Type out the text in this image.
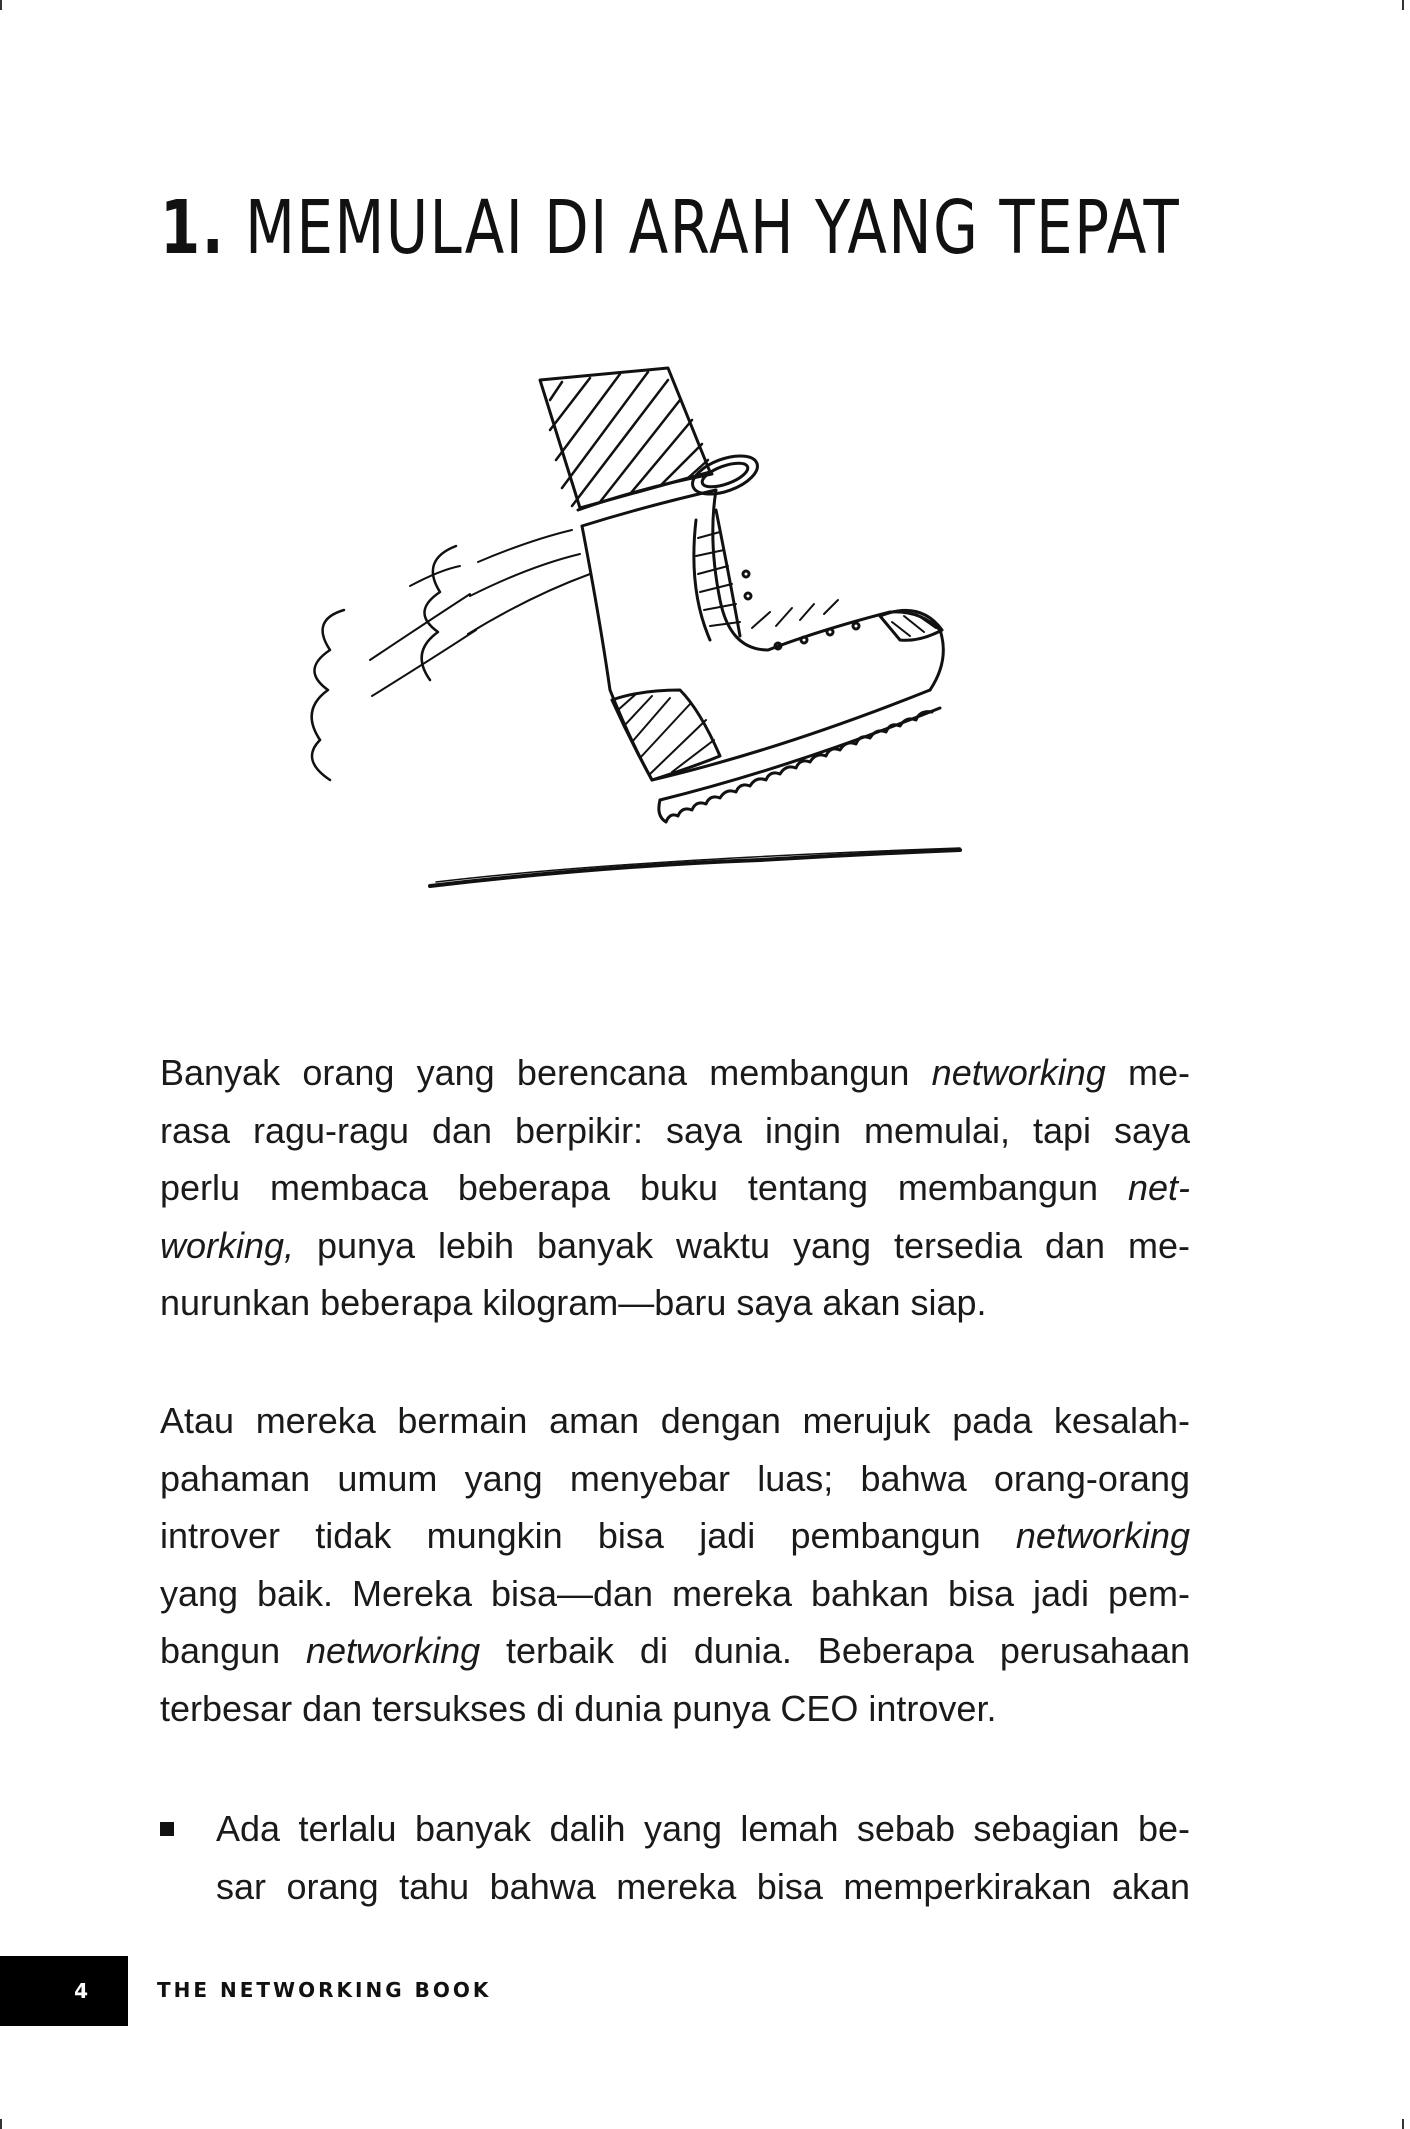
1. MEMULAI DI ARAH YANG TEPAT
Banyak orang yang berencana membangun networking me-
rasa ragu-ragu dan berpikir: saya ingin memulai, tapi saya
perlu membaca beberapa buku tentang membangun net-
working, punya lebih banyak waktu yang tersedia dan me-
nurunkan beberapa kilogram—baru saya akan siap.
Atau mereka bermain aman dengan merujuk pada kesalah-
pahaman umum yang menyebar luas; bahwa orang-orang
introver tidak mungkin bisa jadi pembangun networking
yang baik. Mereka bisa—dan mereka bahkan bisa jadi pem-
bangun networking terbaik di dunia. Beberapa perusahaan
terbesar dan tersukses di dunia punya CEO introver.
Ada terlalu banyak dalih yang lemah sebab sebagian be-
sar orang tahu bahwa mereka bisa memperkirakan akan
4	THE NETWORKING BOOK
